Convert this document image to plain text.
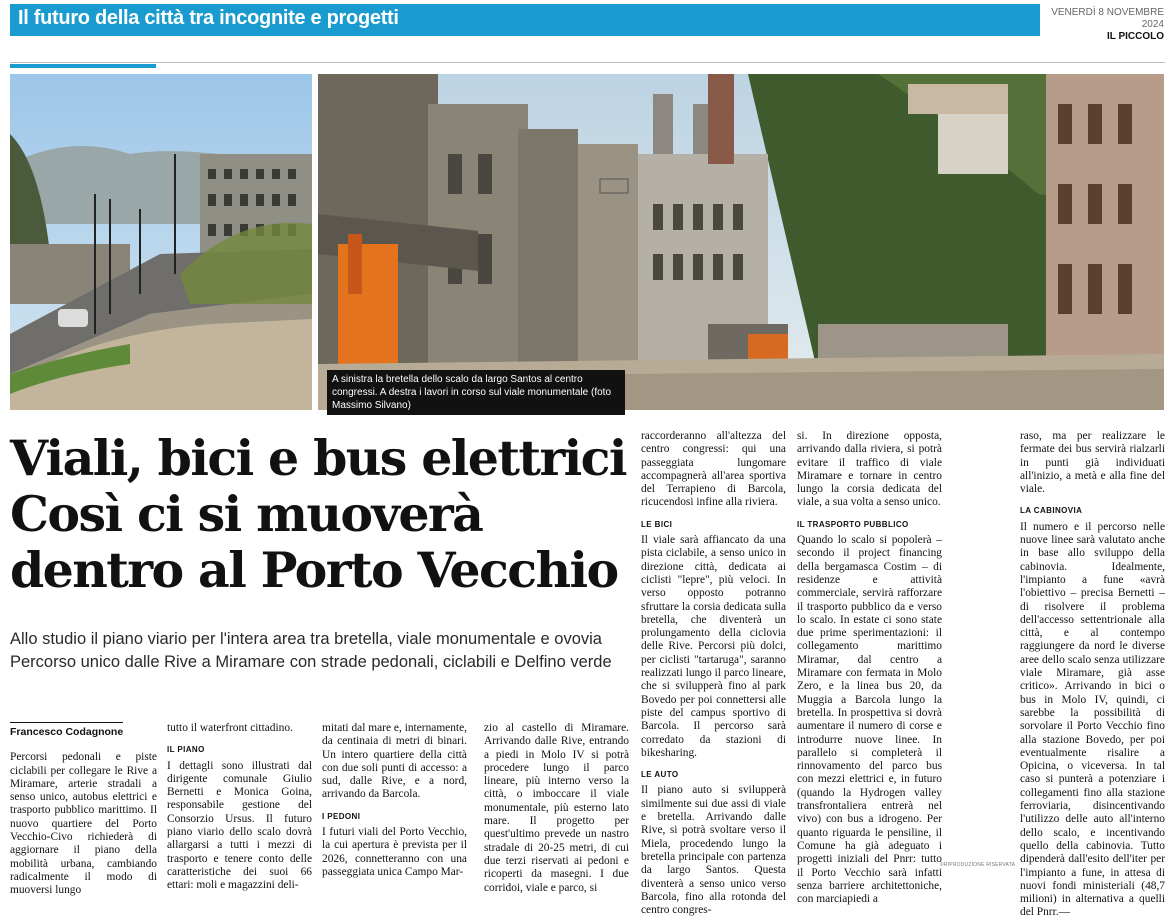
Il futuro della città tra incognite e progetti	VENERDÌ 8 NOVEMBRE 2024
IL PICCOLO
A sinistra la bretella dello scalo da largo Santos al centro congressi. A destra i lavori in corso sul viale monumentale (foto Massimo Silvano)
Viali, bici e bus elettrici
Così ci si muoverà
dentro al Porto Vecchio
Allo studio il piano viario per l'intera area tra bretella, viale monumentale e ovovia
Percorso unico dalle Rive a Miramare con strade pedonali, ciclabili e Delfino verde
Francesco Codagnone

Percorsi pedonali e piste ciclabili per collegare le Rive a Miramare, arterie stradali a senso unico, autobus elettrici e trasporto pubblico marittimo. Il nuovo quartiere del Porto Vecchio-Civo richiederà di aggiornare il piano della mobilità urbana, cambiando radicalmente il modo di muoversi lungo

tutto il waterfront cittadino.

IL PIANO

I dettagli sono illustrati dal dirigente comunale Giulio Bernetti e Monica Goina, responsabile gestione del Consorzio Ursus. Il futuro piano viario dello scalo dovrà allargarsi a tutti i mezzi di trasporto e tenere conto delle caratteristiche dei suoi 66 ettari: moli e magazzini deli-

mitati dal mare e, internamente, da centinaia di metri di binari. Un intero quartiere della città con due soli punti di accesso: a sud, dalle Rive, e a nord, arrivando da Barcola.

I PEDONI

I futuri viali del Porto Vecchio, la cui apertura è prevista per il 2026, connetteranno con una passeggiata unica Campo Mar-

zio al castello di Miramare. Arrivando dalle Rive, entrando a piedi in Molo IV si potrà procedere lungo il parco lineare, più interno verso la città, o imboccare il viale monumentale, più esterno lato mare. Il progetto per quest'ultimo prevede un nastro stradale di 20-25 metri, di cui due terzi riservati ai pedoni e ricoperti da masegni. I due corridoi, viale e parco, si

raccorderanno all'altezza del centro congressi: qui una passeggiata lungomare accompagnerà all'area sportiva del Terrapieno di Barcola, ricucendosi infine alla riviera.

LE BICI

Il viale sarà affiancato da una pista ciclabile, a senso unico in direzione città, dedicata ai ciclisti "lepre", più veloci. In verso opposto potranno sfruttare la corsia dedicata sulla bretella, che diventerà un prolungamento della ciclovia delle Rive. Percorsi più dolci, per ciclisti "tartaruga", saranno realizzati lungo il parco lineare, che si svilupperà fino al park Bovedo per poi connettersi alle piste del campus sportivo di Barcola. Il percorso sarà corredato da stazioni di bikesharing.

LE AUTO

Il piano auto si svilupperà similmente sui due assi di viale e bretella. Arrivando dalle Rive, si potrà svoltare verso il Miela, procedendo lungo la bretella principale con partenza da largo Santos. Questa diventerà a senso unico verso Barcola, fino alla rotonda del centro congres-

si. In direzione opposta, arrivando dalla riviera, si potrà evitare il traffico di viale Miramare e tornare in centro lungo la corsia dedicata del viale, a sua volta a senso unico.

IL TRASPORTO PUBBLICO

Quando lo scalo si popolerà – secondo il project financing della bergamasca Costim – di residenze e attività commerciale, servirà rafforzare il trasporto pubblico da e verso lo scalo. In estate ci sono state due prime sperimentazioni: il collegamento marittimo Miramar, dal centro a Miramare con fermata in Molo Zero, e la linea bus 20, da Muggia a Barcola lungo la bretella. In prospettiva si dovrà aumentare il numero di corse e introdurre nuove linee. In parallelo si completerà il rinnovamento del parco bus con mezzi elettrici e, in futuro (quando la Hydrogen valley transfrontaliera entrerà nel vivo) con bus a idrogeno. Per quanto riguarda le pensiline, il Comune ha già adeguato i progetti iniziali del Pnrr: tutto il Porto Vecchio sarà infatti senza barriere architettoniche, con marciapiedi a

raso, ma per realizzare le fermate dei bus servirà rialzarli in punti già individuati all'inizio, a metà e alla fine del viale.

LA CABINOVIA

Il numero e il percorso nelle nuove linee sarà valutato anche in base allo sviluppo della cabinovia. Idealmente, l'impianto a fune «avrà l'obiettivo – precisa Bernetti – di risolvere il problema dell'accesso settentrionale alla città, e al contempo raggiungere da nord le diverse aree dello scalo senza utilizzare viale Miramare, già asse critico». Arrivando in bici o bus in Molo IV, quindi, ci sarebbe la possibilità di sorvolare il Porto Vecchio fino alla stazione Bovedo, per poi eventualmente risalire a Opicina, o viceversa. In tal caso si punterà a potenziare i collegamenti fino alla stazione ferroviaria, disincentivando l'utilizzo delle auto all'interno dello scalo, e incentivando quello della cabinovia. Tutto dipenderà dall'esito dell'iter per l'impianto a fune, in attesa di nuovi fondi ministeriali (48,7 milioni) in alternativa a quelli del Pnrr.—

©RIPRODUZIONE RISERVATA
